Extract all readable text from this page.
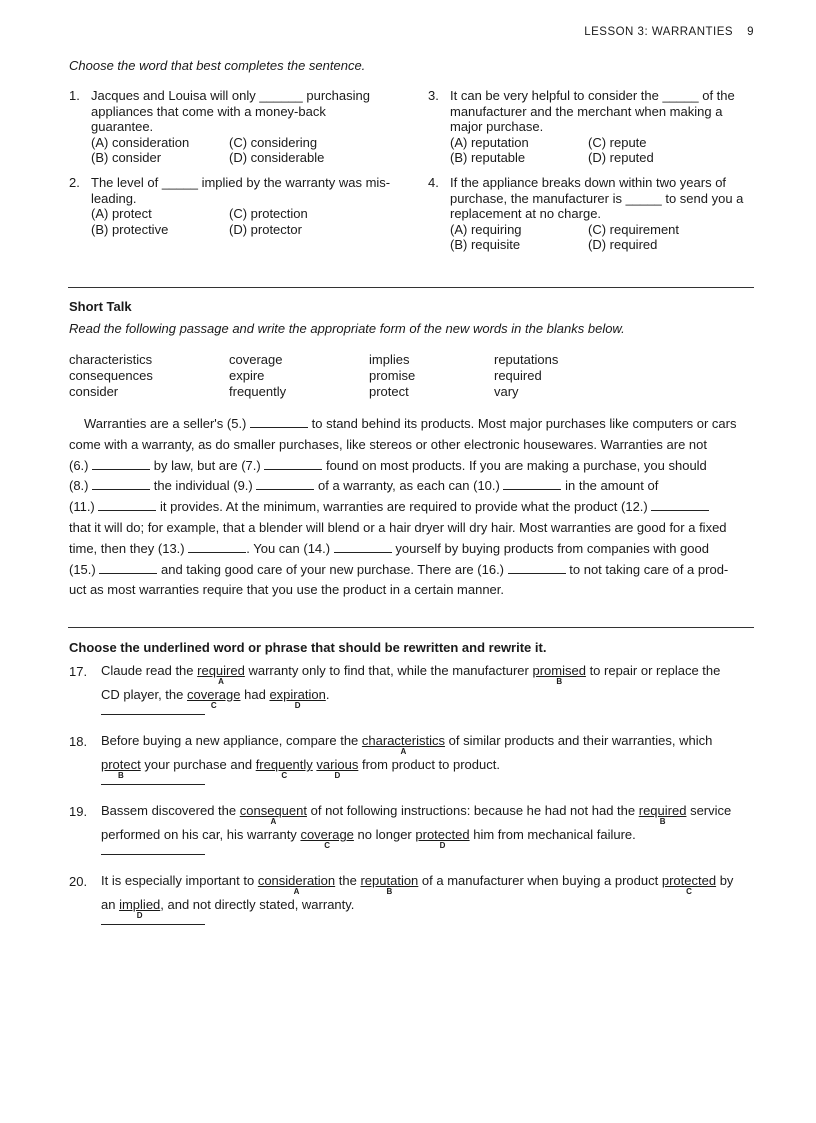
LESSON 3: WARRANTIES 9
Choose the word that best completes the sentence.
1. Jacques and Louisa will only ______ purchasing appliances that come with a money-back guarantee.
(A) consideration	(C) considering
(B) consider	(D) considerable
2. The level of _____ implied by the warranty was mis-leading.
(A) protect	(C) protection
(B) protective	(D) protector
3. It can be very helpful to consider the _____ of the manufacturer and the merchant when making a major purchase.
(A) reputation	(C) repute
(B) reputable	(D) reputed
4. If the appliance breaks down within two years of purchase, the manufacturer is _____ to send you a replacement at no charge.
(A) requiring	(C) requirement
(B) requisite	(D) required
Short Talk
Read the following passage and write the appropriate form of the new words in the blanks below.
characteristics	coverage	implies	reputations
consequences	expire	promise	required
consider	frequently	protect	vary
Warranties are a seller's (5.)	to stand behind its products. Most major purchases like computers or cars
come with a warranty, as do smaller purchases, like stereos or other electronic housewares. Warranties are not
(6.)	by law, but are (7.)	found on most products. If you are making a purchase, you should
(8.)	the individual (9.)	of a warranty, as each can (10.)	in the amount of
(11.)	it provides. At the minimum, warranties are required to provide what the product (12.)
that it will do; for example, that a blender will blend or a hair dryer will dry hair. Most warranties are good for a fixed
time, then they (13.)	. You can (14.)	yourself by buying products from companies with good
(15.)	and taking good care of your new purchase. There are (16.)	to not taking care of a prod-
uct as most warranties require that you use the product in a certain manner.
Choose the underlined word or phrase that should be rewritten and rewrite it.
17. Claude read the required
A
warranty only to find that, while the manufacturer promised
B
to repair or replace the
CD player, the coverage
C
had expiration
D
.
18. Before buying a new appliance, compare the characteristics
A
of similar products and their warranties, which
protect
B
your purchase and frequently
C
various
D
from product to product.
19. Bassem discovered the consequent
A
of not following instructions: because he had not had the required
B
service
performed on his car, his warranty coverage
C
no longer protected
D
him from mechanical failure.
20. It is especially important to consideration
A
the reputation
B
of a manufacturer when buying a product protected
C
by
an implied
D
, and not directly stated, warranty.
